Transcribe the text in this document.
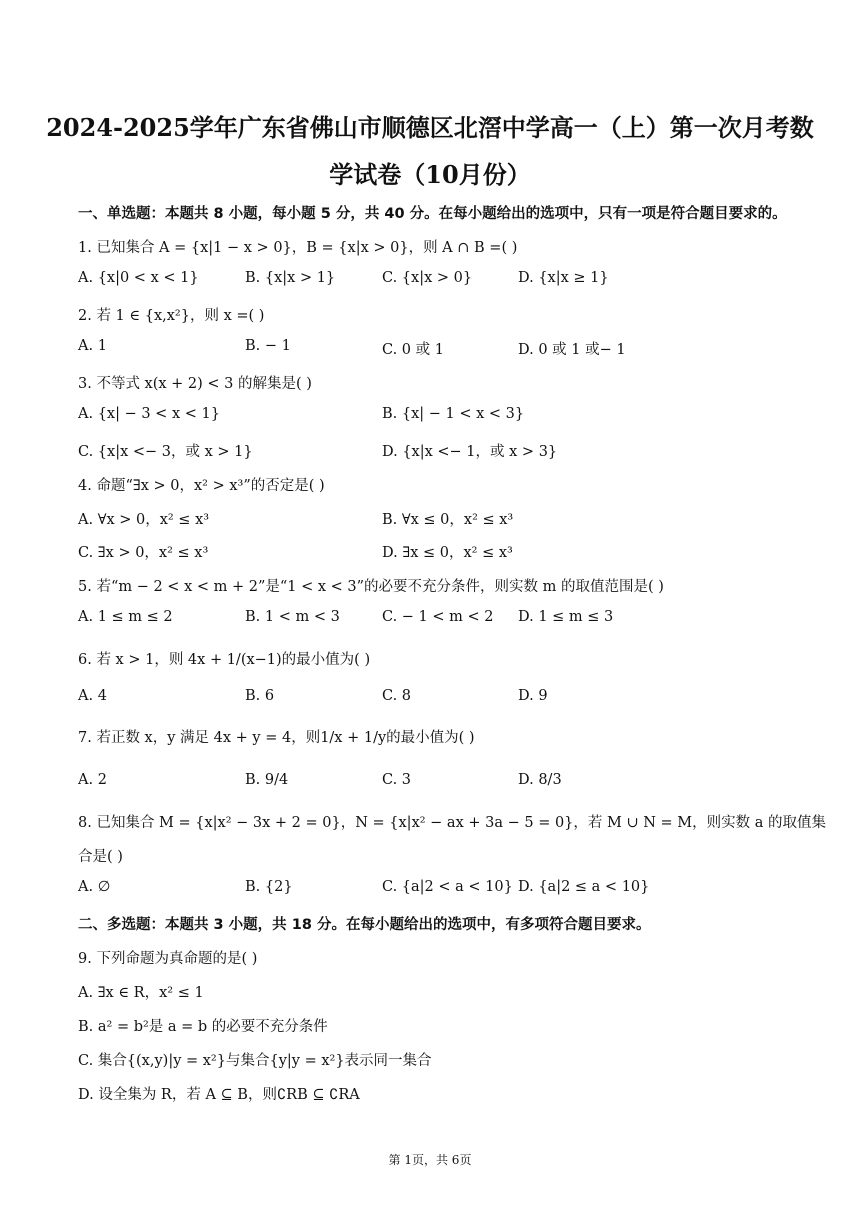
2024-2025学年广东省佛山市顺德区北滘中学高一（上）第一次月考数
学试卷（10月份）
一、单选题：本题共 8 小题，每小题 5 分，共 40 分。在每小题给出的选项中，只有一项是符合题目要求的。
1. 已知集合 A = {x|1 − x > 0}，B = {x|x > 0}，则 A ∩ B =( )
A. {x|0 < x < 1}	B. {x|x > 1}	C. {x|x > 0}	D. {x|x ≥ 1}
2. 若 1 ∈ {x,x²}，则 x =( )
A. 1	B. − 1	C. 0 或 1	D. 0 或 1 或− 1
3. 不等式 x(x + 2) < 3 的解集是( )
A. {x| − 3 < x < 1}	B. {x| − 1 < x < 3}
C. {x|x <− 3，或 x > 1}	D. {x|x <− 1，或 x > 3}
4. 命题“∃x > 0，x² > x³”的否定是( )
A. ∀x > 0，x² ≤ x³	B. ∀x ≤ 0，x² ≤ x³
C. ∃x > 0，x² ≤ x³	D. ∃x ≤ 0，x² ≤ x³
5. 若“m − 2 < x < m + 2”是“1 < x < 3”的必要不充分条件，则实数 m 的取值范围是( )
A. 1 ≤ m ≤ 2	B. 1 < m < 3	C. − 1 < m < 2 D. 1 ≤ m ≤ 3
6. 若 x > 1，则 4x + 1/(x−1)的最小值为( )
A. 4	B. 6	C. 8	D. 9
7. 若正数 x，y 满足 4x + y = 4，则1/x + 1/y的最小值为( )
A. 2	B. 9/4	C. 3	D. 8/3
8. 已知集合 M = {x|x² − 3x + 2 = 0}，N = {x|x² − ax + 3a − 5 = 0}，若 M ∪ N = M，则实数 a 的取值集
合是( )
A. ∅	B. {2}	C. {a|2 < a < 10} D. {a|2 ≤ a < 10}
二、多选题：本题共 3 小题，共 18 分。在每小题给出的选项中，有多项符合题目要求。
9. 下列命题为真命题的是( )
A. ∃x ∈ R，x² ≤ 1
B. a² = b²是 a = b 的必要不充分条件
C. 集合{(x,y)|y = x²}与集合{y|y = x²}表示同一集合
D. 设全集为 R，若 A ⊆ B，则∁RB ⊆ ∁RA
第 1页，共 6页
